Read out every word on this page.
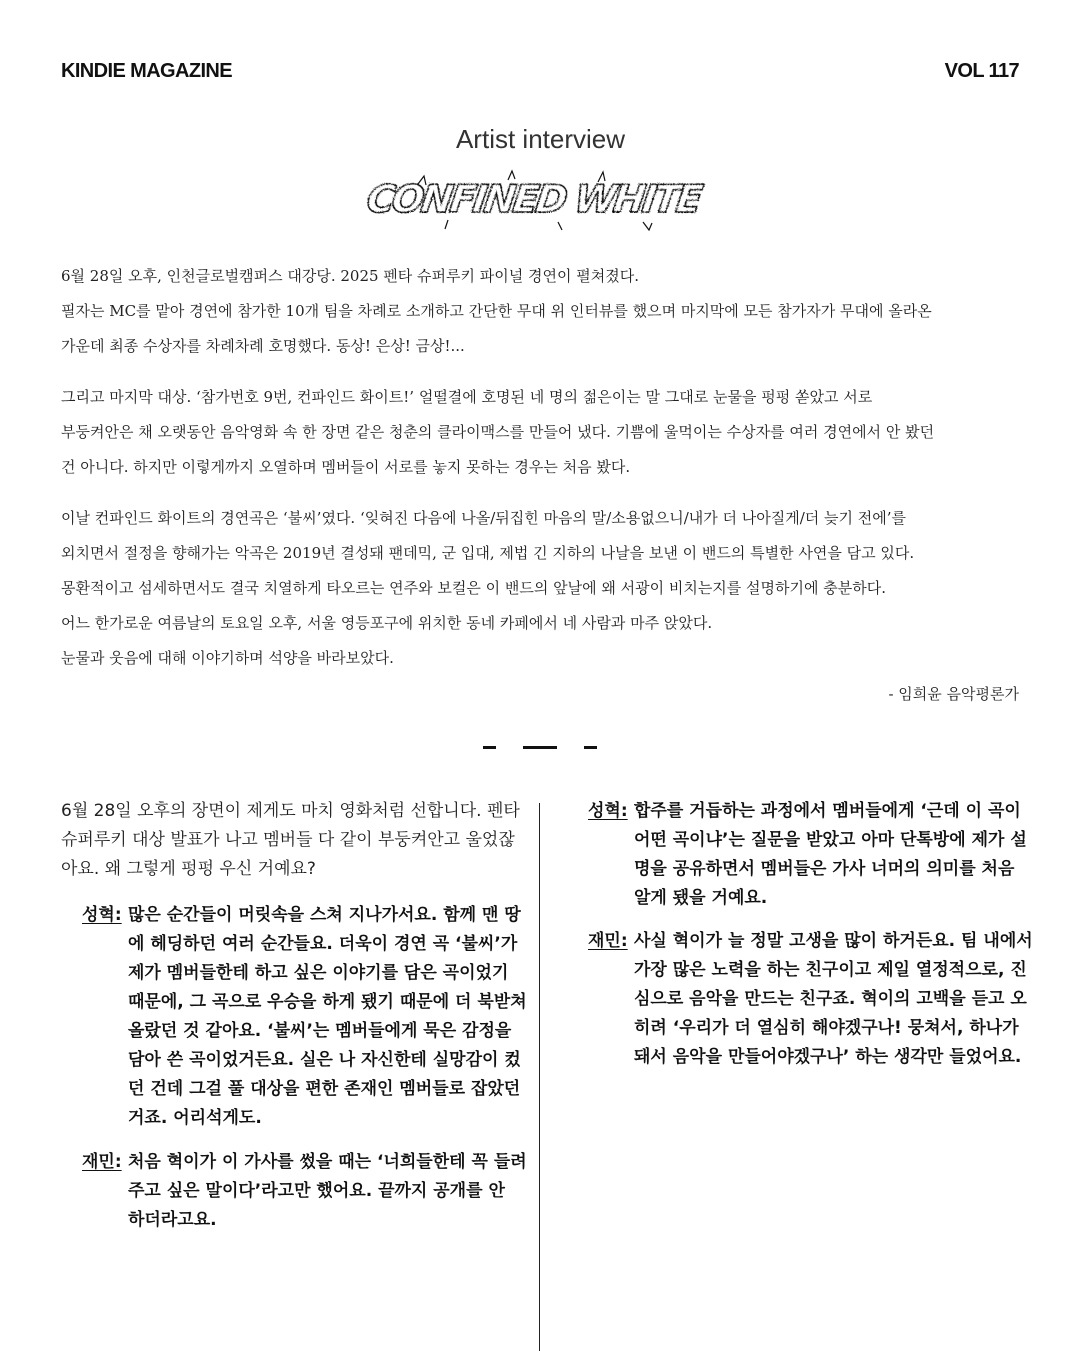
KINDIE MAGAZINE	VOL 117
Artist interview
CONFINED WHITE

6월 28일 오후, 인천글로벌캠퍼스 대강당. 2025 펜타 슈퍼루키 파이널 경연이 펼쳐졌다.

필자는 MC를 맡아 경연에 참가한 10개 팀을 차례로 소개하고 간단한 무대 위 인터뷰를 했으며 마지막에 모든 참가자가 무대에 올라온

가운데 최종 수상자를 차례차례 호명했다. 동상! 은상! 금상!...

그리고 마지막 대상. ‘참가번호 9번, 컨파인드 화이트!’ 얼떨결에 호명된 네 명의 젊은이는 말 그대로 눈물을 펑펑 쏟았고 서로

부둥켜안은 채 오랫동안 음악영화 속 한 장면 같은 청춘의 클라이맥스를 만들어 냈다. 기쁨에 울먹이는 수상자를 여러 경연에서 안 봤던

건 아니다. 하지만 이렇게까지 오열하며 멤버들이 서로를 놓지 못하는 경우는 처음 봤다.

이날 컨파인드 화이트의 경연곡은 ‘불씨’였다. ‘잊혀진 다음에 나올/뒤집힌 마음의 말/소용없으니/내가 더 나아질게/더 늦기 전에’를

외치면서 절정을 향해가는 악곡은 2019년 결성돼 팬데믹, 군 입대, 제법 긴 지하의 나날을 보낸 이 밴드의 특별한 사연을 담고 있다.

몽환적이고 섬세하면서도 결국 치열하게 타오르는 연주와 보컬은 이 밴드의 앞날에 왜 서광이 비치는지를 설명하기에 충분하다.

어느 한가로운 여름날의 토요일 오후, 서울 영등포구에 위치한 동네 카페에서 네 사람과 마주 앉았다.

눈물과 웃음에 대해 이야기하며 석양을 바라보았다.

- 임희윤 음악평론가
6월 28일 오후의 장면이 제게도 마치 영화처럼 선합니다. 펜타 슈퍼루키 대상 발표가 나고 멤버들 다 같이 부둥켜안고 울었잖아요. 왜 그렇게 펑펑 우신 거예요?
성혁: 많은 순간들이 머릿속을 스쳐 지나가서요. 함께 맨 땅에 헤딩하던 여러 순간들요. 더욱이 경연 곡 ‘불씨’가 제가 멤버들한테 하고 싶은 이야기를 담은 곡이었기 때문에, 그 곡으로 우승을 하게 됐기 때문에 더 북받쳐 올랐던 것 같아요. ‘불씨’는 멤버들에게 묵은 감정을 담아 쓴 곡이었거든요. 실은 나 자신한테 실망감이 컸던 건데 그걸 풀 대상을 편한 존재인 멤버들로 잡았던 거죠. 어리석게도.
재민: 처음 혁이가 이 가사를 썼을 때는 ‘너희들한테 꼭 들려주고 싶은 말이다’라고만 했어요. 끝까지 공개를 안 하더라고요.
성혁: 합주를 거듭하는 과정에서 멤버들에게 ‘근데 이 곡이 어떤 곡이냐’는 질문을 받았고 아마 단톡방에 제가 설명을 공유하면서 멤버들은 가사 너머의 의미를 처음 알게 됐을 거예요.
재민: 사실 혁이가 늘 정말 고생을 많이 하거든요. 팀 내에서 가장 많은 노력을 하는 친구이고 제일 열정적으로, 진심으로 음악을 만드는 친구죠. 혁이의 고백을 듣고 오히려 ‘우리가 더 열심히 해야겠구나! 뭉쳐서, 하나가 돼서 음악을 만들어야겠구나’ 하는 생각만 들었어요.
